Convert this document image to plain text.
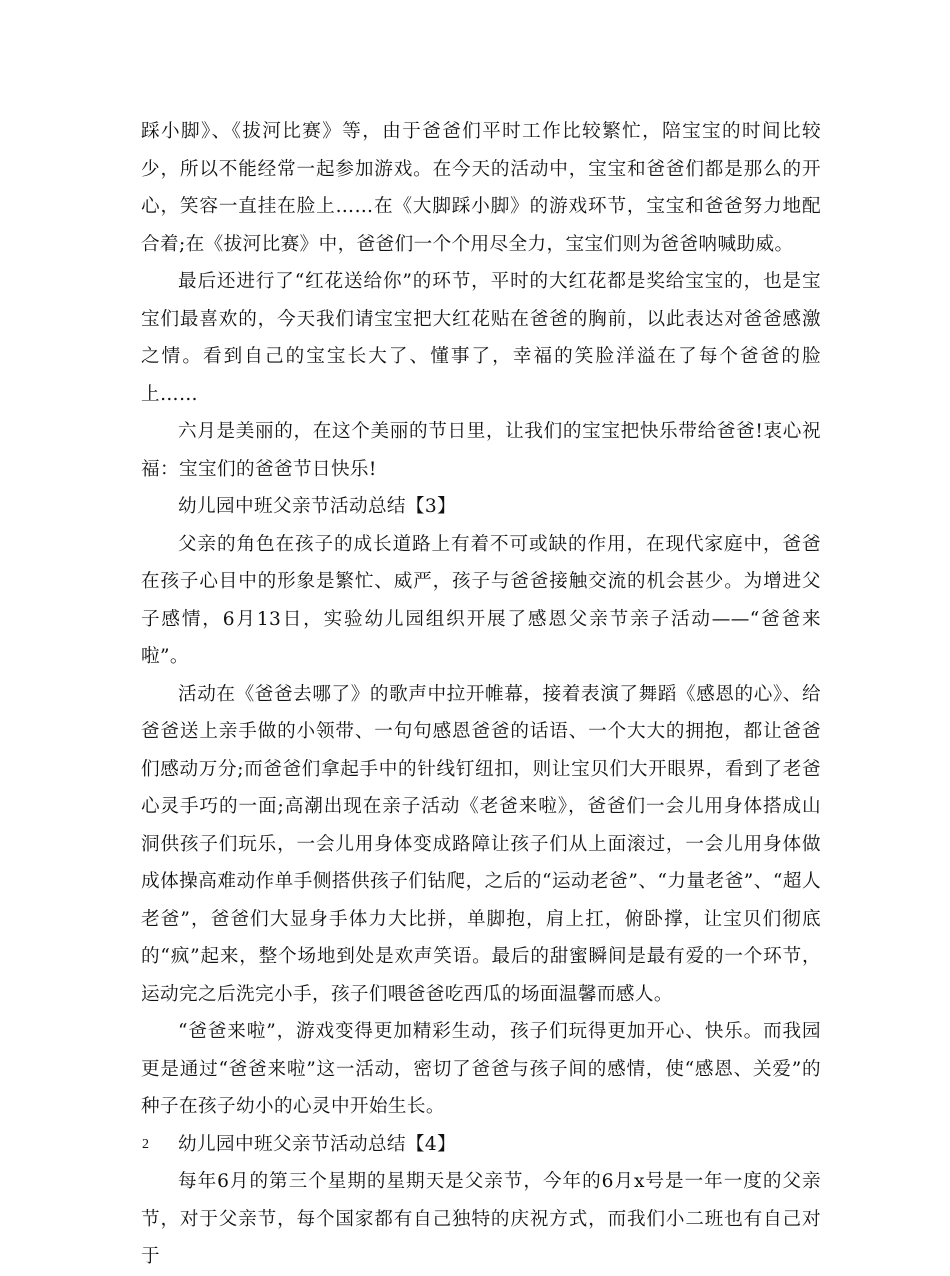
踩小脚》、《拔河比赛》等，由于爸爸们平时工作比较繁忙，陪宝宝的时间比较少，所以不能经常一起参加游戏。在今天的活动中，宝宝和爸爸们都是那么的开心，笑容一直挂在脸上……在《大脚踩小脚》的游戏环节，宝宝和爸爸努力地配合着;在《拔河比赛》中，爸爸们一个个用尽全力，宝宝们则为爸爸呐喊助威。

最后还进行了“红花送给你”的环节，平时的大红花都是奖给宝宝的，也是宝宝们最喜欢的，今天我们请宝宝把大红花贴在爸爸的胸前，以此表达对爸爸感激之情。看到自己的宝宝长大了、懂事了，幸福的笑脸洋溢在了每个爸爸的脸上……

六月是美丽的，在这个美丽的节日里，让我们的宝宝把快乐带给爸爸!衷心祝福：宝宝们的爸爸节日快乐!

幼儿园中班父亲节活动总结【3】

父亲的角色在孩子的成长道路上有着不可或缺的作用，在现代家庭中，爸爸在孩子心目中的形象是繁忙、威严，孩子与爸爸接触交流的机会甚少。为增进父子感情，6月13日，实验幼儿园组织开展了感恩父亲节亲子活动——“爸爸来啦”。

活动在《爸爸去哪了》的歌声中拉开帷幕，接着表演了舞蹈《感恩的心》、给爸爸送上亲手做的小领带、一句句感恩爸爸的话语、一个大大的拥抱，都让爸爸们感动万分;而爸爸们拿起手中的针线钉纽扣，则让宝贝们大开眼界，看到了老爸心灵手巧的一面;高潮出现在亲子活动《老爸来啦》，爸爸们一会儿用身体搭成山洞供孩子们玩乐，一会儿用身体变成路障让孩子们从上面滚过，一会儿用身体做成体操高难动作单手侧搭供孩子们钻爬，之后的“运动老爸”、“力量老爸”、“超人老爸”，爸爸们大显身手体力大比拼，单脚抱，肩上扛，俯卧撑，让宝贝们彻底的“疯”起来，整个场地到处是欢声笑语。最后的甜蜜瞬间是最有爱的一个环节，运动完之后洗完小手，孩子们喂爸爸吃西瓜的场面温馨而感人。

“爸爸来啦”，游戏变得更加精彩生动，孩子们玩得更加开心、快乐。而我园更是通过“爸爸来啦”这一活动，密切了爸爸与孩子间的感情，使“感恩、关爱”的种子在孩子幼小的心灵中开始生长。

幼儿园中班父亲节活动总结【4】

每年6月的第三个星期的星期天是父亲节，今年的6月x号是一年一度的父亲节，对于父亲节，每个国家都有自己独特的庆祝方式，而我们小二班也有自己对于

2
